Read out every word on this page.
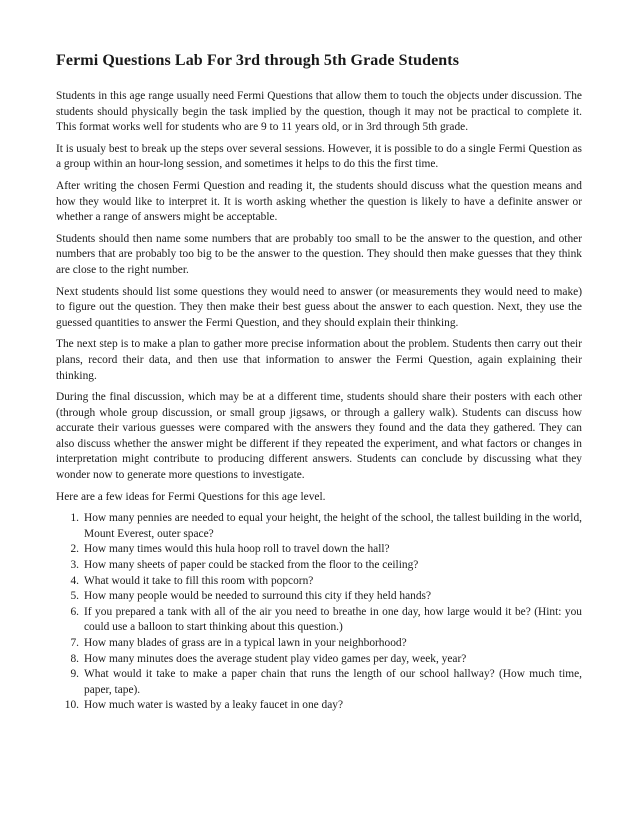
Fermi Questions Lab For 3rd through 5th Grade Students

Students in this age range usually need Fermi Questions that allow them to touch the objects under discussion. The students should physically begin the task implied by the question, though it may not be practical to complete it. This format works well for students who are 9 to 11 years old, or in 3rd through 5th grade.

It is usualy best to break up the steps over several sessions. However, it is possible to do a single Fermi Question as a group within an hour-long session, and sometimes it helps to do this the first time.

After writing the chosen Fermi Question and reading it, the students should discuss what the question means and how they would like to interpret it. It is worth asking whether the question is likely to have a definite answer or whether a range of answers might be acceptable.

Students should then name some numbers that are probably too small to be the answer to the question, and other numbers that are probably too big to be the answer to the question. They should then make guesses that they think are close to the right number.

Next students should list some questions they would need to answer (or measurements they would need to make) to figure out the question. They then make their best guess about the answer to each question. Next, they use the guessed quantities to answer the Fermi Question, and they should explain their thinking.

The next step is to make a plan to gather more precise information about the problem. Students then carry out their plans, record their data, and then use that information to answer the Fermi Question, again explaining their thinking.

During the final discussion, which may be at a different time, students should share their posters with each other (through whole group discussion, or small group jigsaws, or through a gallery walk). Students can discuss how accurate their various guesses were compared with the answers they found and the data they gathered. They can also discuss whether the answer might be different if they repeated the experiment, and what factors or changes in interpretation might contribute to producing different answers. Students can conclude by discussing what they wonder now to generate more questions to investigate.

Here are a few ideas for Fermi Questions for this age level.

1. How many pennies are needed to equal your height, the height of the school, the tallest building in the world, Mount Everest, outer space?
2. How many times would this hula hoop roll to travel down the hall?
3. How many sheets of paper could be stacked from the floor to the ceiling?
4. What would it take to fill this room with popcorn?
5. How many people would be needed to surround this city if they held hands?
6. If you prepared a tank with all of the air you need to breathe in one day, how large would it be? (Hint: you could use a balloon to start thinking about this question.)
7. How many blades of grass are in a typical lawn in your neighborhood?
8. How many minutes does the average student play video games per day, week, year?
9. What would it take to make a paper chain that runs the length of our school hallway? (How much time, paper, tape).
10. How much water is wasted by a leaky faucet in one day?
